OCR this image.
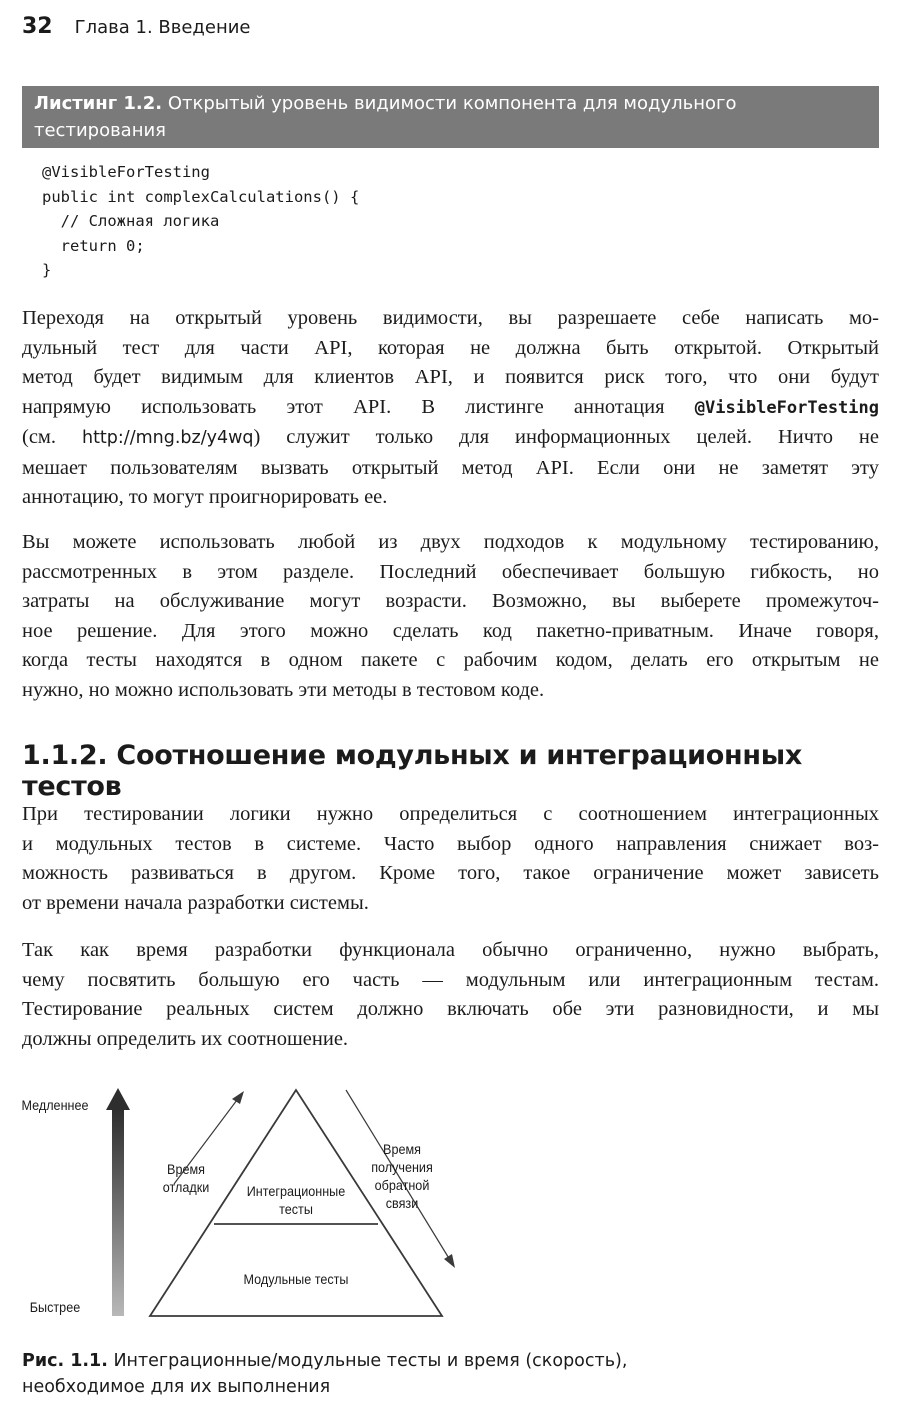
32 Глава 1. Введение
Листинг 1.2. Открытый уровень видимости компонента для модульного
тестирования
@VisibleForTesting
public int complexCalculations() {
// Сложная логика
return 0;
}
Переходя на открытый уровень видимости, вы разрешаете себе написать мо-
дульный тест для части API, которая не должна быть открытой. Открытый
метод будет видимым для клиентов API, и появится риск того, что они будут
напрямую использовать этот API. В листинге аннотация @VisibleForTesting
(см. http://mng.bz/y4wq) служит только для информационных целей. Ничто не
мешает пользователям вызвать открытый метод API. Если они не заметят эту
аннотацию, то могут проигнорировать ее.
Вы можете использовать любой из двух подходов к модульному тестированию,
рассмотренных в этом разделе. Последний обеспечивает большую гибкость, но
затраты на обслуживание могут возрасти. Возможно, вы выберете промежуточ-
ное решение. Для этого можно сделать код пакетно-приватным. Иначе говоря,
когда тесты находятся в одном пакете с рабочим кодом, делать его открытым не
нужно, но можно использовать эти методы в тестовом коде.
1.1.2. Соотношение модульных и интеграционных тестов
При тестировании логики нужно определиться с соотношением интеграционных
и модульных тестов в системе. Часто выбор одного направления снижает воз-
можность развиваться в другом. Кроме того, такое ограничение может зависеть
от времени начала разработки системы.
Так как время разработки функционала обычно ограниченно, нужно выбрать,
чему посвятить большую его часть — модульным или интеграционным тестам.
Тестирование реальных систем должно включать обе эти разновидности, и мы
должны определить их соотношение.
Медленнее
Быстрее
Время
отладки	Интеграционные
тесты
Модульные тесты
Время
получения
обратной
связи
Рис. 1.1. Интеграционные/модульные тесты и время (скорость),
необходимое для их выполнения
